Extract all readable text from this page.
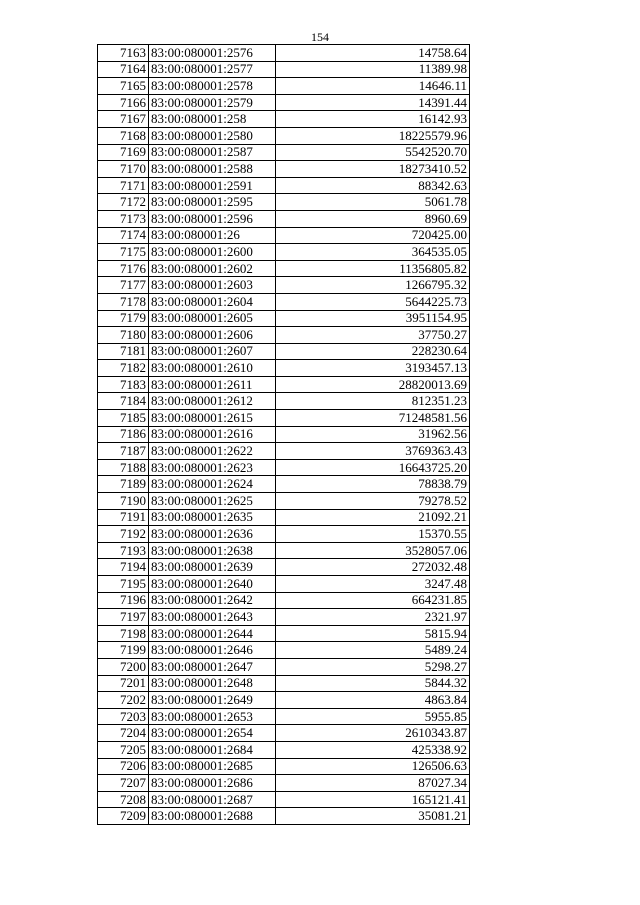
154
7163	83:00:080001:2576	14758.64
7164	83:00:080001:2577	11389.98
7165	83:00:080001:2578	14646.11
7166	83:00:080001:2579	14391.44
7167	83:00:080001:258	16142.93
7168	83:00:080001:2580	18225579.96
7169	83:00:080001:2587	5542520.70
7170	83:00:080001:2588	18273410.52
7171	83:00:080001:2591	88342.63
7172	83:00:080001:2595	5061.78
7173	83:00:080001:2596	8960.69
7174	83:00:080001:26	720425.00
7175	83:00:080001:2600	364535.05
7176	83:00:080001:2602	11356805.82
7177	83:00:080001:2603	1266795.32
7178	83:00:080001:2604	5644225.73
7179	83:00:080001:2605	3951154.95
7180	83:00:080001:2606	37750.27
7181	83:00:080001:2607	228230.64
7182	83:00:080001:2610	3193457.13
7183	83:00:080001:2611	28820013.69
7184	83:00:080001:2612	812351.23
7185	83:00:080001:2615	71248581.56
7186	83:00:080001:2616	31962.56
7187	83:00:080001:2622	3769363.43
7188	83:00:080001:2623	16643725.20
7189	83:00:080001:2624	78838.79
7190	83:00:080001:2625	79278.52
7191	83:00:080001:2635	21092.21
7192	83:00:080001:2636	15370.55
7193	83:00:080001:2638	3528057.06
7194	83:00:080001:2639	272032.48
7195	83:00:080001:2640	3247.48
7196	83:00:080001:2642	664231.85
7197	83:00:080001:2643	2321.97
7198	83:00:080001:2644	5815.94
7199	83:00:080001:2646	5489.24
7200	83:00:080001:2647	5298.27
7201	83:00:080001:2648	5844.32
7202	83:00:080001:2649	4863.84
7203	83:00:080001:2653	5955.85
7204	83:00:080001:2654	2610343.87
7205	83:00:080001:2684	425338.92
7206	83:00:080001:2685	126506.63
7207	83:00:080001:2686	87027.34
7208	83:00:080001:2687	165121.41
7209	83:00:080001:2688	35081.21
